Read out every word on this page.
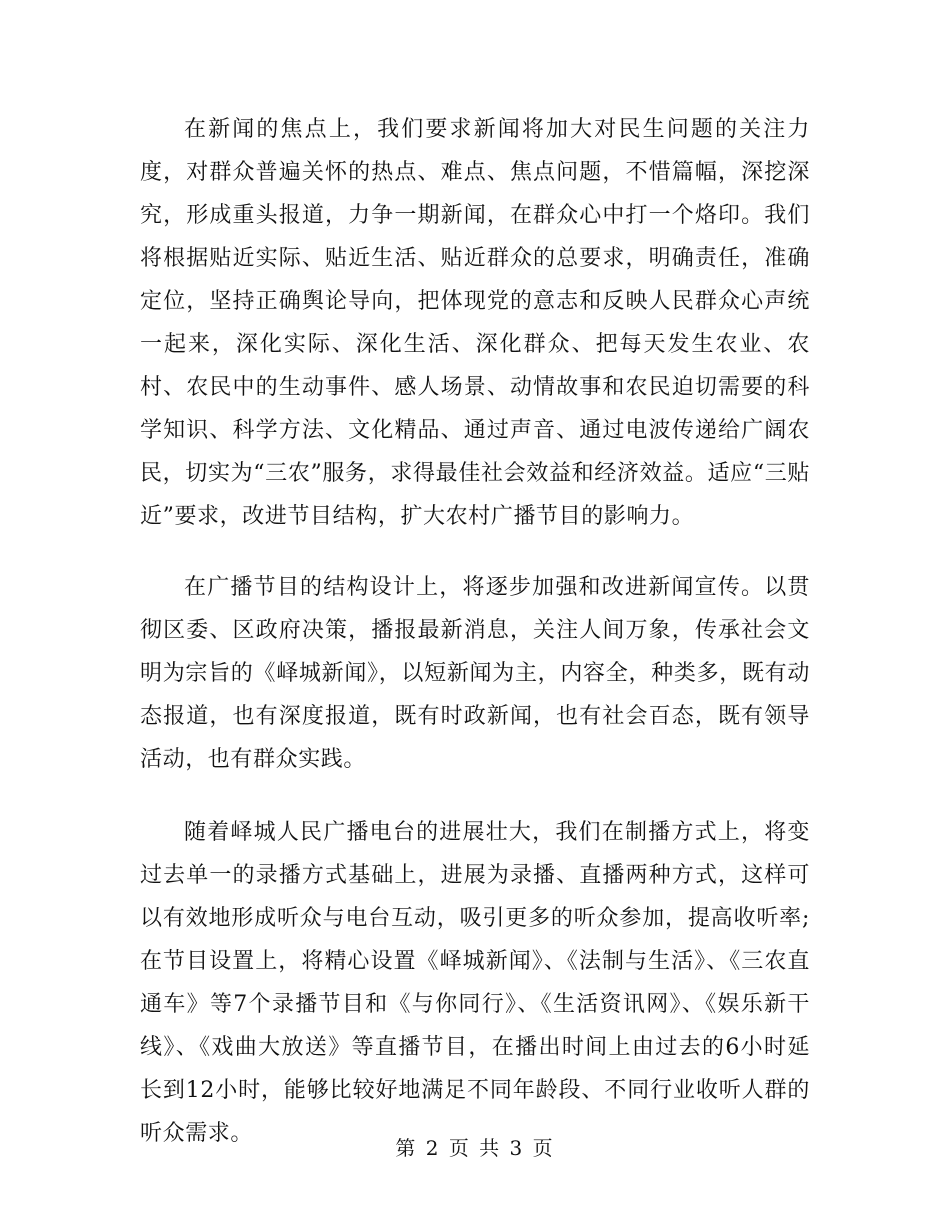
在新闻的焦点上，我们要求新闻将加大对民生问题的关注力度，对群众普遍关怀的热点、难点、焦点问题，不惜篇幅，深挖深究，形成重头报道，力争一期新闻，在群众心中打一个烙印。我们将根据贴近实际、贴近生活、贴近群众的总要求，明确责任，准确定位，坚持正确舆论导向，把体现党的意志和反映人民群众心声统一起来，深化实际、深化生活、深化群众、把每天发生农业、农村、农民中的生动事件、感人场景、动情故事和农民迫切需要的科学知识、科学方法、文化精品、通过声音、通过电波传递给广阔农民，切实为“三农”服务，求得最佳社会效益和经济效益。适应“三贴近”要求，改进节目结构，扩大农村广播节目的影响力。

在广播节目的结构设计上，将逐步加强和改进新闻宣传。以贯彻区委、区政府决策，播报最新消息，关注人间万象，传承社会文明为宗旨的《峄城新闻》，以短新闻为主，内容全，种类多，既有动态报道，也有深度报道，既有时政新闻，也有社会百态，既有领导活动，也有群众实践。

随着峄城人民广播电台的进展壮大，我们在制播方式上，将变过去单一的录播方式基础上，进展为录播、直播两种方式，这样可以有效地形成听众与电台互动，吸引更多的听众参加，提高收听率;在节目设置上，将精心设置《峄城新闻》、《法制与生活》、《三农直通车》等7个录播节目和《与你同行》、《生活资讯网》、《娱乐新干线》、《戏曲大放送》等直播节目，在播出时间上由过去的6小时延长到12小时，能够比较好地满足不同年龄段、不同行业收听人群的听众需求。

第 2 页 共 3 页
